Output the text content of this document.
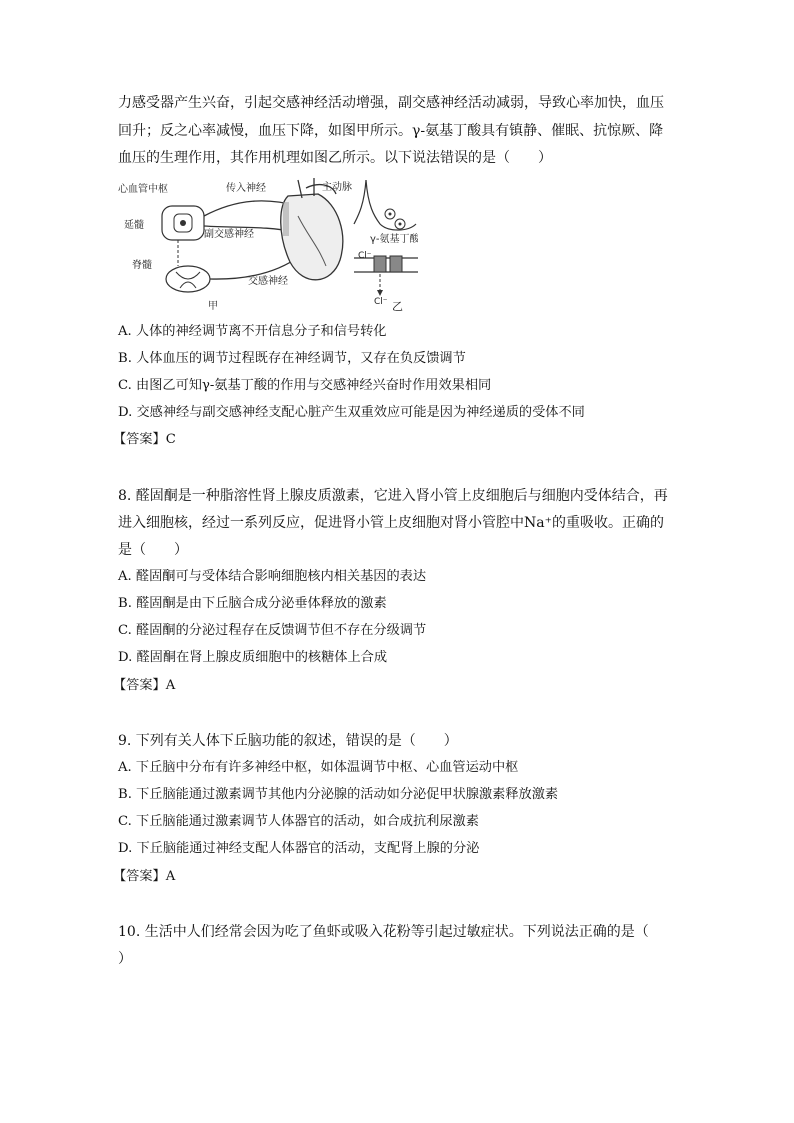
力感受器产生兴奋，引起交感神经活动增强，副交感神经活动减弱，导致心率加快，血压
回升；反之心率减慢，血压下降，如图甲所示。γ-氨基丁酸具有镇静、催眠、抗惊厥、降
血压的生理作用，其作用机理如图乙所示。以下说法错误的是（　　）
心血管中枢
延髓
脊髓
传入神经	主动脉
副交感神经
交感神经
甲
γ-氨基丁酸
Cl⁻
Cl⁻ 乙
A. 人体的神经调节离不开信息分子和信号转化
B. 人体血压的调节过程既存在神经调节，又存在负反馈调节
C. 由图乙可知γ-氨基丁酸的作用与交感神经兴奋时作用效果相同
D. 交感神经与副交感神经支配心脏产生双重效应可能是因为神经递质的受体不同
【答案】C
8. 醛固酮是一种脂溶性肾上腺皮质激素，它进入肾小管上皮细胞后与细胞内受体结合，再
进入细胞核，经过一系列反应，促进肾小管上皮细胞对肾小管腔中Na⁺的重吸收。正确的
是（　　）
A. 醛固酮可与受体结合影响细胞核内相关基因的表达
B. 醛固酮是由下丘脑合成分泌垂体释放的激素
C. 醛固酮的分泌过程存在反馈调节但不存在分级调节
D. 醛固酮在肾上腺皮质细胞中的核糖体上合成
【答案】A
9. 下列有关人体下丘脑功能的叙述，错误的是（　　）
A. 下丘脑中分布有许多神经中枢，如体温调节中枢、心血管运动中枢
B. 下丘脑能通过激素调节其他内分泌腺的活动如分泌促甲状腺激素释放激素
C. 下丘脑能通过激素调节人体器官的活动，如合成抗利尿激素
D. 下丘脑能通过神经支配人体器官的活动，支配肾上腺的分泌
【答案】A
10. 生活中人们经常会因为吃了鱼虾或吸入花粉等引起过敏症状。下列说法正确的是（
）
